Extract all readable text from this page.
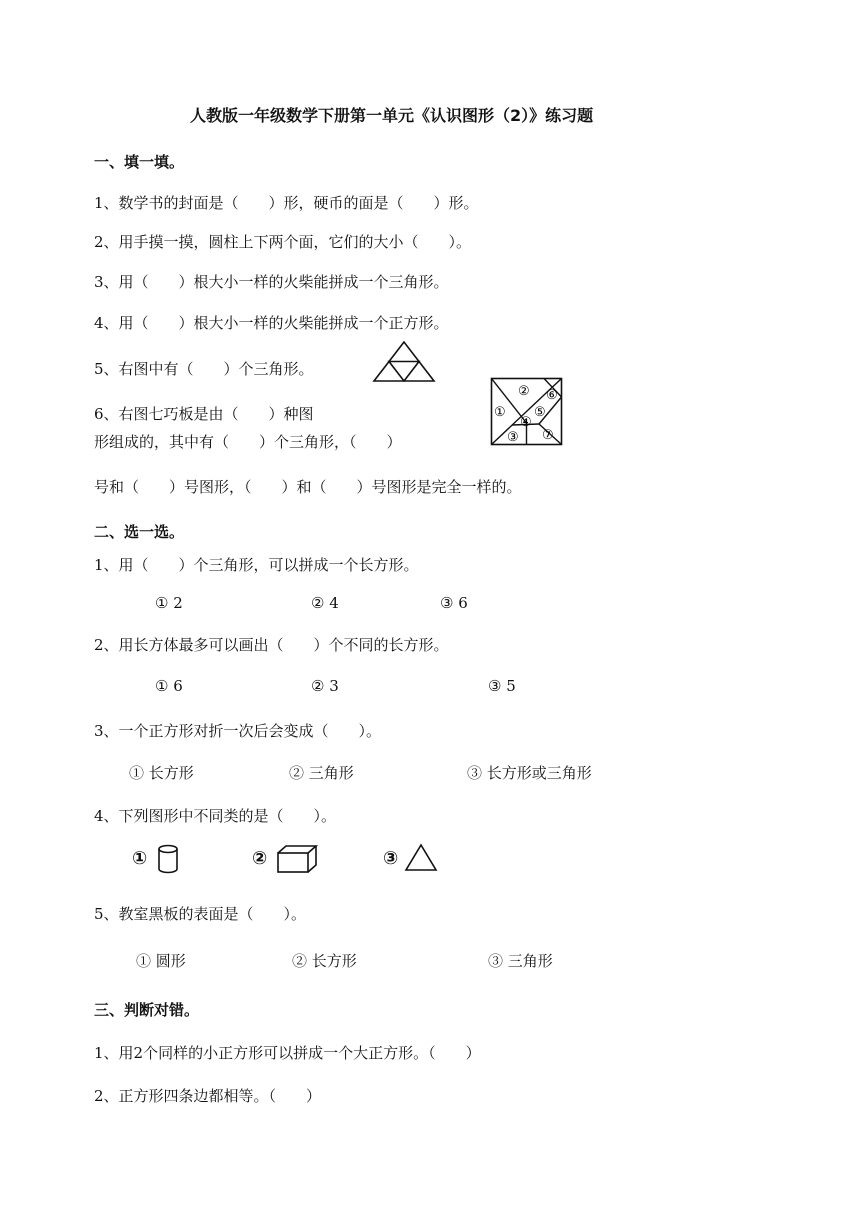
人教版一年级数学下册第一单元《认识图形（2）》练习题
一、填一填。
1、数学书的封面是（　　）形，硬币的面是（　　）形。
2、用手摸一摸，圆柱上下两个面，它们的大小（　　）。
3、用（　　）根大小一样的火柴能拼成一个三角形。
4、用（　　）根大小一样的火柴能拼成一个正方形。
5、右图中有（　　）个三角形。
6、右图七巧板是由（　　）种图
形组成的，其中有（　　）个三角形，（　　）
①
②
③
④
⑤
⑥
⑦
号和（　　）号图形，（　　）和（　　）号图形是完全一样的。
二、选一选。
1、用（　　）个三角形，可以拼成一个长方形。
① 2	② 4	③ 6
2、用长方体最多可以画出（　　）个不同的长方形。
① 6	② 3	③ 5
3、一个正方形对折一次后会变成（　　）。
① 长方形	② 三角形	③ 长方形或三角形
4、下列图形中不同类的是（　　）。
①	②	③
5、教室黑板的表面是（　　）。
① 圆形	② 长方形	③ 三角形
三、判断对错。
1、用2个同样的小正方形可以拼成一个大正方形。（　　）
2、正方形四条边都相等。（　　）
